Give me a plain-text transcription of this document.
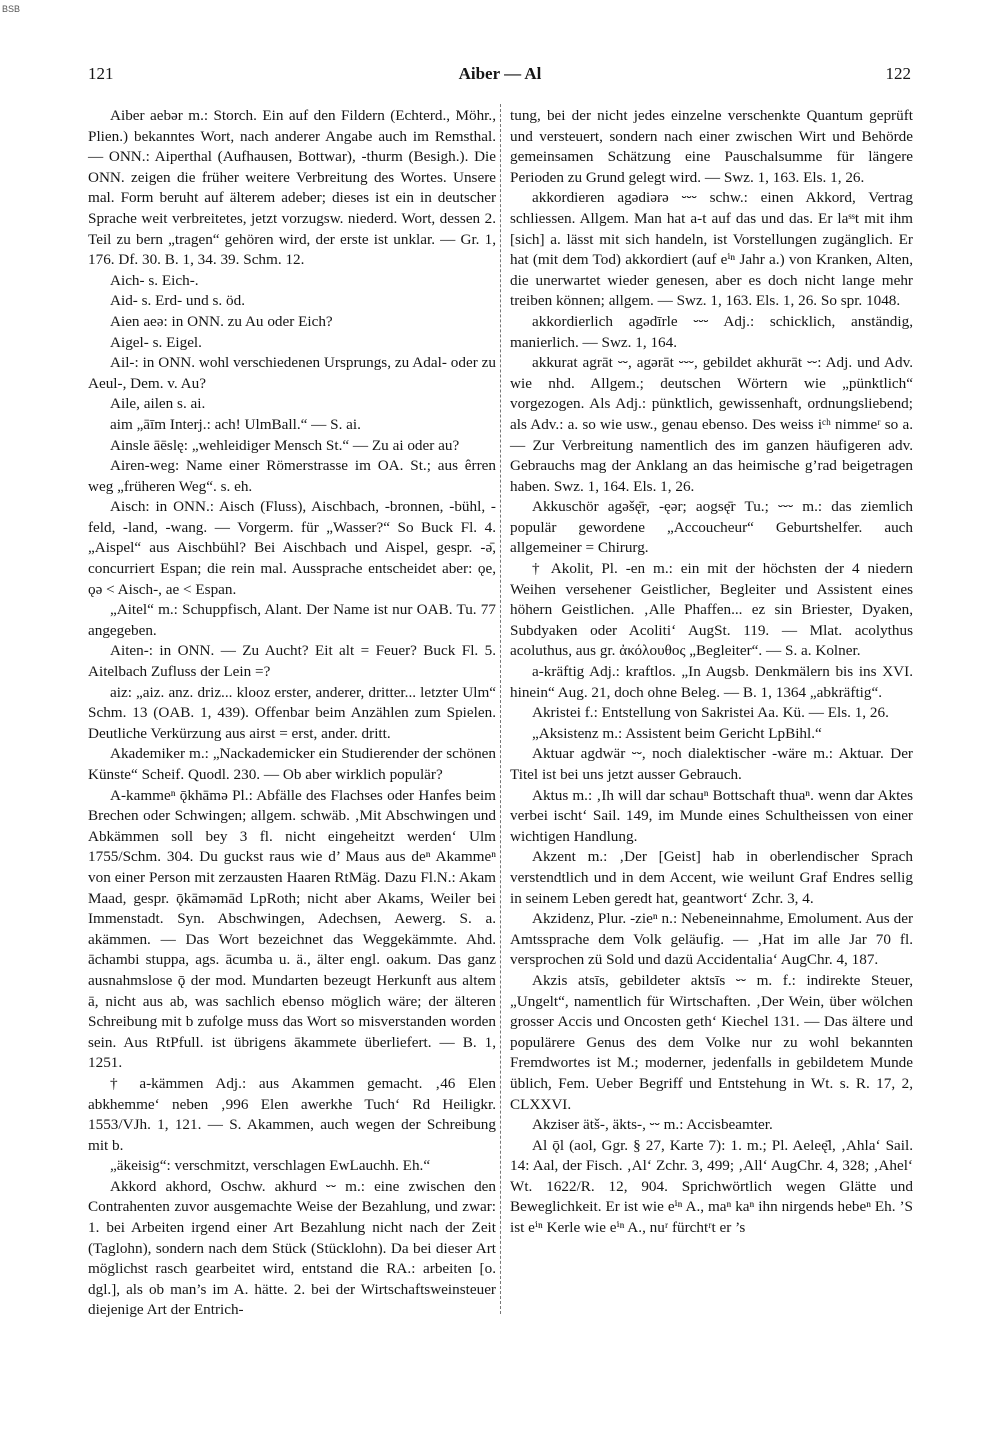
BSB
121	Aiber — Al	122

Aiber aebər m.: Storch. Ein auf den Fildern (Echterd., Möhr., Plien.) bekanntes Wort, nach anderer Angabe auch im Remsthal. — ONN.: Aiperthal (Aufhausen, Bottwar), -thurm (Besigh.). Die ONN. zeigen die früher weitere Verbreitung des Wortes. Unsere mal. Form beruht auf älterem adeber; dieses ist ein in deutscher Sprache weit verbreitetes, jetzt vorzugsw. niederd. Wort, dessen 2. Teil zu bern „tragen“ gehören wird, der erste ist unklar. — Gr. 1, 176. Df. 30. B. 1, 34. 39. Schm. 12.

Aich- s. Eich-.

Aid- s. Erd- und s. öd.

Aien aeə: in ONN. zu Au oder Eich?

Aigel- s. Eigel.

Ail-: in ONN. wohl verschiedenen Ursprungs, zu Adal- oder zu Aeul-, Dem. v. Au?

Aile, ailen s. ai.

aim „āīm Interj.: ach! UlmBall.“ — S. ai.

Ainsle āēslę: „wehleidiger Mensch St.“ — Zu ai oder au?

Airen-weg: Name einer Römerstrasse im OA. St.; aus êrren weg „früheren Weg“. s. eh.

Aisch: in ONN.: Aisch (Fluss), Aischbach, -bronnen, -bühl, -feld, -land, -wang. — Vorgerm. für „Wasser?“ So Buck Fl. 4. „Aispel“ aus Aischbühl? Bei Aischbach und Aispel, gespr. -ə̄, concurriert Espan; die rein mal. Aussprache entscheidet aber: ǫe, ǫə < Aisch-, ae < Espan.

„Aitel“ m.: Schuppfisch, Alant. Der Name ist nur OAB. Tu. 77 angegeben.

Aiten-: in ONN. — Zu Aucht? Eit alt = Feuer? Buck Fl. 5. Aitelbach Zufluss der Lein =?

aiz: „aiz. anz. driz... klooz erster, anderer, dritter... letzter Ulm“ Schm. 13 (OAB. 1, 439). Offenbar beim Anzählen zum Spielen. Deutliche Verkürzung aus airst = erst, ander. dritt.

Akademiker m.: „Nackademicker ein Studierender der schönen Künste“ Scheif. Quodl. 230. — Ob aber wirklich populär?

A-kammeⁿ ǭkhāmə Pl.: Abfälle des Flachses oder Hanfes beim Brechen oder Schwingen; allgem. schwäb. ‚Mit Abschwingen und Abkämmen soll bey 3 fl. nicht eingeheitzt werden‘ Ulm 1755/Schm. 304. Du guckst raus wie d’ Maus aus deⁿ Akammeⁿ von einer Person mit zerzausten Haaren RtMäg. Dazu Fl.N.: Akam Maad, gespr. ǭkāməmād LpRoth; nicht aber Akams, Weiler bei Immenstadt. Syn. Abschwingen, Adechsen, Aewerg. S. a. akämmen. — Das Wort bezeichnet das Weggekämmte. Ahd. āchambi stuppa, ags. ācumba u. ä., älter engl. oakum. Das ganz ausnahmslose ǭ der mod. Mundarten bezeugt Herkunft aus altem ā, nicht aus ab, was sachlich ebenso möglich wäre; der älteren Schreibung mit b zufolge muss das Wort so misverstanden worden sein. Aus RtPfull. ist übrigens ākammete überliefert. — B. 1, 1251.

† a-kämmen Adj.: aus Akammen gemacht. ‚46 Elen abkhemme‘ neben ‚996 Elen awerkhe Tuch‘ Rd Heiligkr. 1553/VJh. 1, 121. — S. Akammen, auch wegen der Schreibung mit b.

„äkeisig“: verschmitzt, verschlagen EwLauchh. Eh.“

Akkord akhord, Oschw. akhurd ⏑⏑ m.: eine zwischen den Contrahenten zuvor ausgemachte Weise der Bezahlung, und zwar: 1. bei Arbeiten irgend einer Art Bezahlung nicht nach der Zeit (Taglohn), sondern nach dem Stück (Stücklohn). Da bei dieser Art möglichst rasch gearbeitet wird, entstand die RA.: arbeiten [o. dgl.], als ob man’s im A. hätte. 2. bei der Wirtschaftsweinsteuer diejenige Art der Entrich-

tung, bei der nicht jedes einzelne verschenkte Quantum geprüft und versteuert, sondern nach einer zwischen Wirt und Behörde gemeinsamen Schätzung eine Pauschalsumme für längere Perioden zu Grund gelegt wird. — Swz. 1, 163. Els. 1, 26.

akkordieren agədiərə ⏑⏑⏑ schw.: einen Akkord, Vertrag schliessen. Allgem. Man hat a-t auf das und das. Er laˢˢt mit ihm [sich] a. lässt mit sich handeln, ist Vorstellungen zugänglich. Er hat (mit dem Tod) akkordiert (auf eⁱⁿ Jahr a.) von Kranken, Alten, die unerwartet wieder genesen, aber es doch nicht lange mehr treiben können; allgem. — Swz. 1, 163. Els. 1, 26. So spr. 1048.

akkordierlich agədīrle ⏑⏑⏑ Adj.: schicklich, anständig, manierlich. — Swz. 1, 164.

akkurat agrāt ⏑⏑, agərāt ⏑⏑⏑, gebildet akhurāt ⏑⏑: Adj. und Adv. wie nhd. Allgem.; deutschen Wörtern wie „pünktlich“ vorgezogen. Als Adj.: pünktlich, gewissenhaft, ordnungsliebend; als Adv.: a. so wie usw., genau ebenso. Des weiss iᶜʰ nimmeʳ so a. — Zur Verbreitung namentlich des im ganzen häufigeren adv. Gebrauchs mag der Anklang an das heimische g’rad beigetragen haben. Swz. 1, 164. Els. 1, 26.

Akkuschör agəšę̄r, -ęər; aogsę̄r Tu.; ⏑⏑⏑ m.: das ziemlich populär gewordene „Accoucheur“ Geburtshelfer. auch allgemeiner = Chirurg.

† Akolit, Pl. -en m.: ein mit der höchsten der 4 niedern Weihen versehener Geistlicher, Begleiter und Assistent eines höhern Geistlichen. ‚Alle Phaffen... ez sin Briester, Dyaken, Subdyaken oder Acoliti‘ AugSt. 119. — Mlat. acolythus acoluthus, aus gr. ἀκόλουθος „Begleiter“. — S. a. Kolner.

a-kräftig Adj.: kraftlos. „In Augsb. Denkmälern bis ins XVI. hinein“ Aug. 21, doch ohne Beleg. — B. 1, 1364 „abkräftig“.

Akristei f.: Entstellung von Sakristei Aa. Kü. — Els. 1, 26.

„Aksistenz m.: Assistent beim Gericht LpBihl.“

Aktuar agdwär ⏑⏑, noch dialektischer -wäre m.: Aktuar. Der Titel ist bei uns jetzt ausser Gebrauch.

Aktus m.: ‚Ih will dar schauⁿ Bottschaft thuaⁿ. wenn dar Aktes verbei ischt‘ Sail. 149, im Munde eines Schultheissen von einer wichtigen Handlung.

Akzent m.: ‚Der [Geist] hab in oberlendischer Sprach verstendtlich und in dem Accent, wie weilunt Graf Endres sellig in seinem Leben geredt hat, geantwort‘ Zchr. 3, 4.

Akzidenz, Plur. -zieⁿ n.: Nebeneinnahme, Emolument. Aus der Amtssprache dem Volk geläufig. — ‚Hat im alle Jar 70 fl. versprochen zü Sold und dazü Accidentalia‘ AugChr. 4, 187.

Akzis atsīs, gebildeter aktsīs ⏑⏑ m. f.: indirekte Steuer, „Ungelt“, namentlich für Wirtschaften. ‚Der Wein, über wölchen grosser Accis und Oncosten geth‘ Kiechel 131. — Das ältere und populärere Genus des dem Volke nur zu wohl bekannten Fremdwortes ist M.; moderner, jedenfalls in gebildetem Munde üblich, Fem. Ueber Begriff und Entstehung in Wt. s. R. 17, 2, CLXXVI.

Akziser ätš-, äkts-, ⏑⏑ m.: Accisbeamter.

Al ǭl (aol, Ggr. § 27, Karte 7): 1. m.; Pl. Aeleę̄l, ‚Ahla‘ Sail. 14: Aal, der Fisch. ‚Al‘ Zchr. 3, 499; ‚All‘ AugChr. 4, 328; ‚Ahel‘ Wt. 1622/R. 12, 904. Sprichwörtlich wegen Glätte und Beweglichkeit. Er ist wie eⁱⁿ A., maⁿ kaⁿ ihn nirgends hebeⁿ Eh. ’S ist eⁱⁿ Kerle wie eⁱⁿ A., nuʳ fürchtʳt er ’s
